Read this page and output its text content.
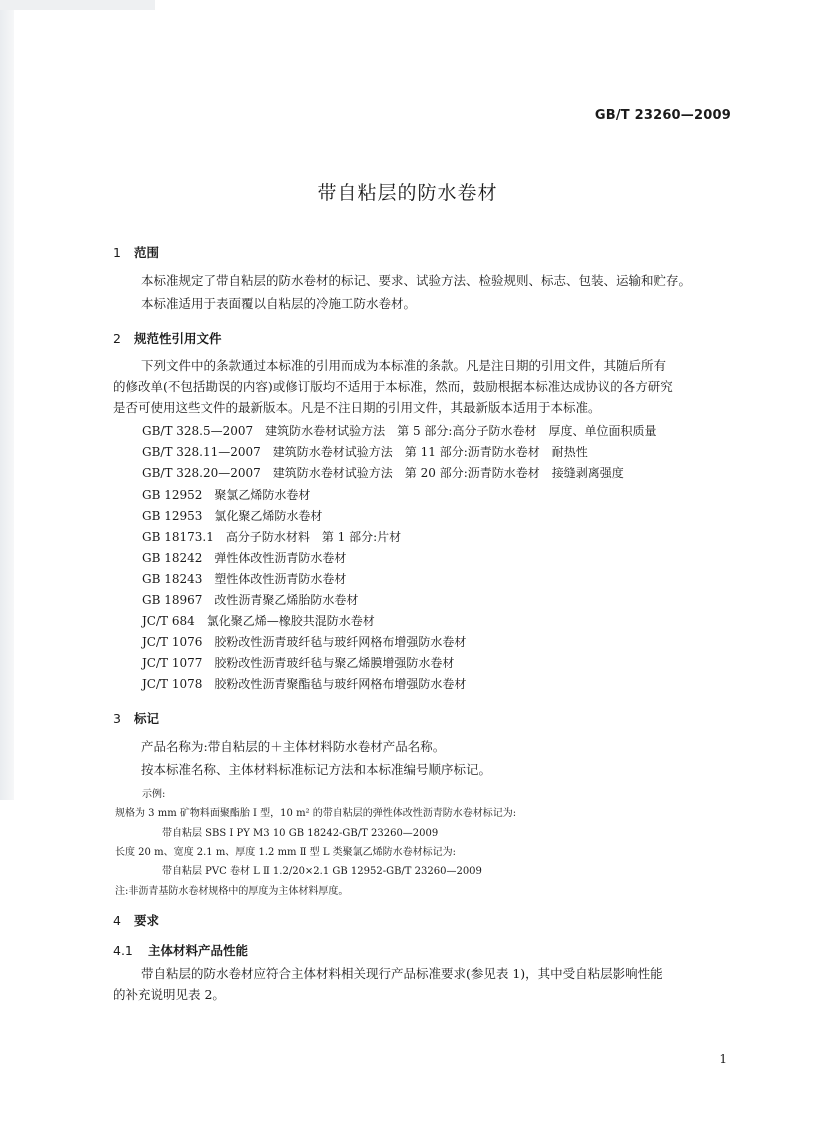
GB/T 23260—2009
带自粘层的防水卷材
1 范围
本标准规定了带自粘层的防水卷材的标记、要求、试验方法、检验规则、标志、包装、运输和贮存。
本标准适用于表面覆以自粘层的冷施工防水卷材。
2 规范性引用文件
下列文件中的条款通过本标准的引用而成为本标准的条款。凡是注日期的引用文件，其随后所有
的修改单(不包括勘误的内容)或修订版均不适用于本标准，然而，鼓励根据本标准达成协议的各方研究
是否可使用这些文件的最新版本。凡是不注日期的引用文件，其最新版本适用于本标准。
GB/T 328.5—2007　建筑防水卷材试验方法　第 5 部分:高分子防水卷材　厚度、单位面积质量
GB/T 328.11—2007　建筑防水卷材试验方法　第 11 部分:沥青防水卷材　耐热性
GB/T 328.20—2007　建筑防水卷材试验方法　第 20 部分:沥青防水卷材　接缝剥离强度
GB 12952　聚氯乙烯防水卷材
GB 12953　氯化聚乙烯防水卷材
GB 18173.1　高分子防水材料　第 1 部分:片材
GB 18242　弹性体改性沥青防水卷材
GB 18243　塑性体改性沥青防水卷材
GB 18967　改性沥青聚乙烯胎防水卷材
JC/T 684　氯化聚乙烯—橡胶共混防水卷材
JC/T 1076　胶粉改性沥青玻纤毡与玻纤网格布增强防水卷材
JC/T 1077　胶粉改性沥青玻纤毡与聚乙烯膜增强防水卷材
JC/T 1078　胶粉改性沥青聚酯毡与玻纤网格布增强防水卷材
3 标记
产品名称为:带自粘层的＋主体材料防水卷材产品名称。
按本标准名称、主体材料标准标记方法和本标准编号顺序标记。
示例:
规格为 3 mm 矿物料面聚酯胎 Ⅰ 型，10 m² 的带自粘层的弹性体改性沥青防水卷材标记为:
带自粘层 SBS I PY M3 10 GB 18242-GB/T 23260—2009
长度 20 m、宽度 2.1 m、厚度 1.2 mm Ⅱ 型 L 类聚氯乙烯防水卷材标记为:
带自粘层 PVC 卷材 L Ⅱ 1.2/20×2.1 GB 12952-GB/T 23260—2009
注:非沥青基防水卷材规格中的厚度为主体材料厚度。
4 要求
4.1 主体材料产品性能
带自粘层的防水卷材应符合主体材料相关现行产品标准要求(参见表 1)，其中受自粘层影响性能
的补充说明见表 2。
1
